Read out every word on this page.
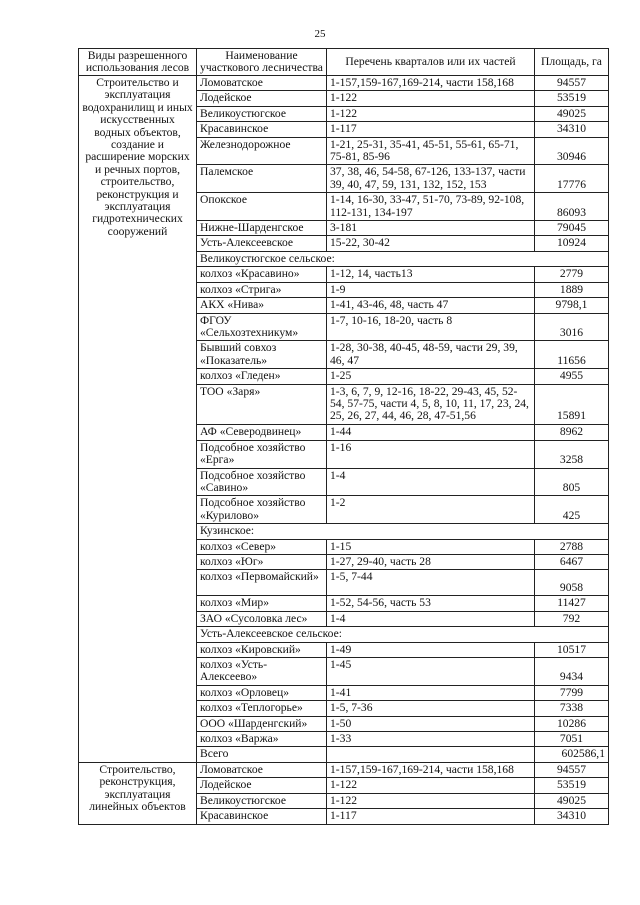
25
Виды разрешенного использования лесов	Наименование участкового лесничества	Перечень кварталов или их частей	Площадь, га
Строительство и эксплуатация водохранилищ и иных искусственных водных объектов, создание и расширение морских и речных портов, строительство, реконструкция и эксплуатация гидротехнических сооружений	Ломоватское	1-157,159-167,169-214, части 158,168	94557
	Лодейское	1-122	53519
	Великоустюгское	1-122	49025
	Красавинское	1-117	34310
	Железнодорожное	1-21, 25-31, 35-41, 45-51, 55-61, 65-71, 75-81, 85-96	30946
	Палемское	37, 38, 46, 54-58, 67-126, 133-137, части 39, 40, 47, 59, 131, 132, 152, 153	17776
	Опокское	1-14, 16-30, 33-47, 51-70, 73-89, 92-108, 112-131, 134-197	86093
	Нижне-Шарденгское	3-181	79045
	Усть-Алексеевское	15-22, 30-42	10924
	Великоустюгское сельское:		
	колхоз «Красавино»	1-12, 14, часть13	2779
	колхоз «Стрига»	1-9	1889
	АКХ «Нива»	1-41, 43-46, 48, часть 47	9798,1
	ФГОУ «Сельхозтехникум»	1-7, 10-16, 18-20, часть 8	3016
	Бывший совхоз «Показатель»	1-28, 30-38, 40-45, 48-59, части 29, 39, 46, 47	11656
	колхоз «Гледен»	1-25	4955
	ТОО «Заря»	1-3, 6, 7, 9, 12-16, 18-22, 29-43, 45, 52-54, 57-75, части 4, 5, 8, 10, 11, 17, 23, 24, 25, 26, 27, 44, 46, 28, 47-51,56	15891
	АФ «Северодвинец»	1-44	8962
	Подсобное хозяйство «Ерга»	1-16	3258
	Подсобное хозяйство «Савино»	1-4	805
	Подсобное хозяйство «Курилово»	1-2	425
	Кузинское:		
	колхоз «Север»	1-15	2788
	колхоз «Юг»	1-27, 29-40, часть 28	6467
	колхоз «Первомайский»	1-5, 7-44	9058
	колхоз «Мир»	1-52, 54-56, часть 53	11427
	ЗАО «Сусоловка лес»	1-4	792
	Усть-Алексеевское сельское:		
	колхоз «Кировский»	1-49	10517
	колхоз «Усть-Алексеево»	1-45	9434
	колхоз «Орловец»	1-41	7799
	колхоз «Теплогорье»	1-5, 7-36	7338
	ООО «Шарденгский»	1-50	10286
	колхоз «Варжа»	1-33	7051
	Всего		602586,1
Строительство, реконструкция, эксплуатация линейных объектов	Ломоватское	1-157,159-167,169-214, части 158,168	94557
	Лодейское	1-122	53519
	Великоустюгское	1-122	49025
	Красавинское	1-117	34310
